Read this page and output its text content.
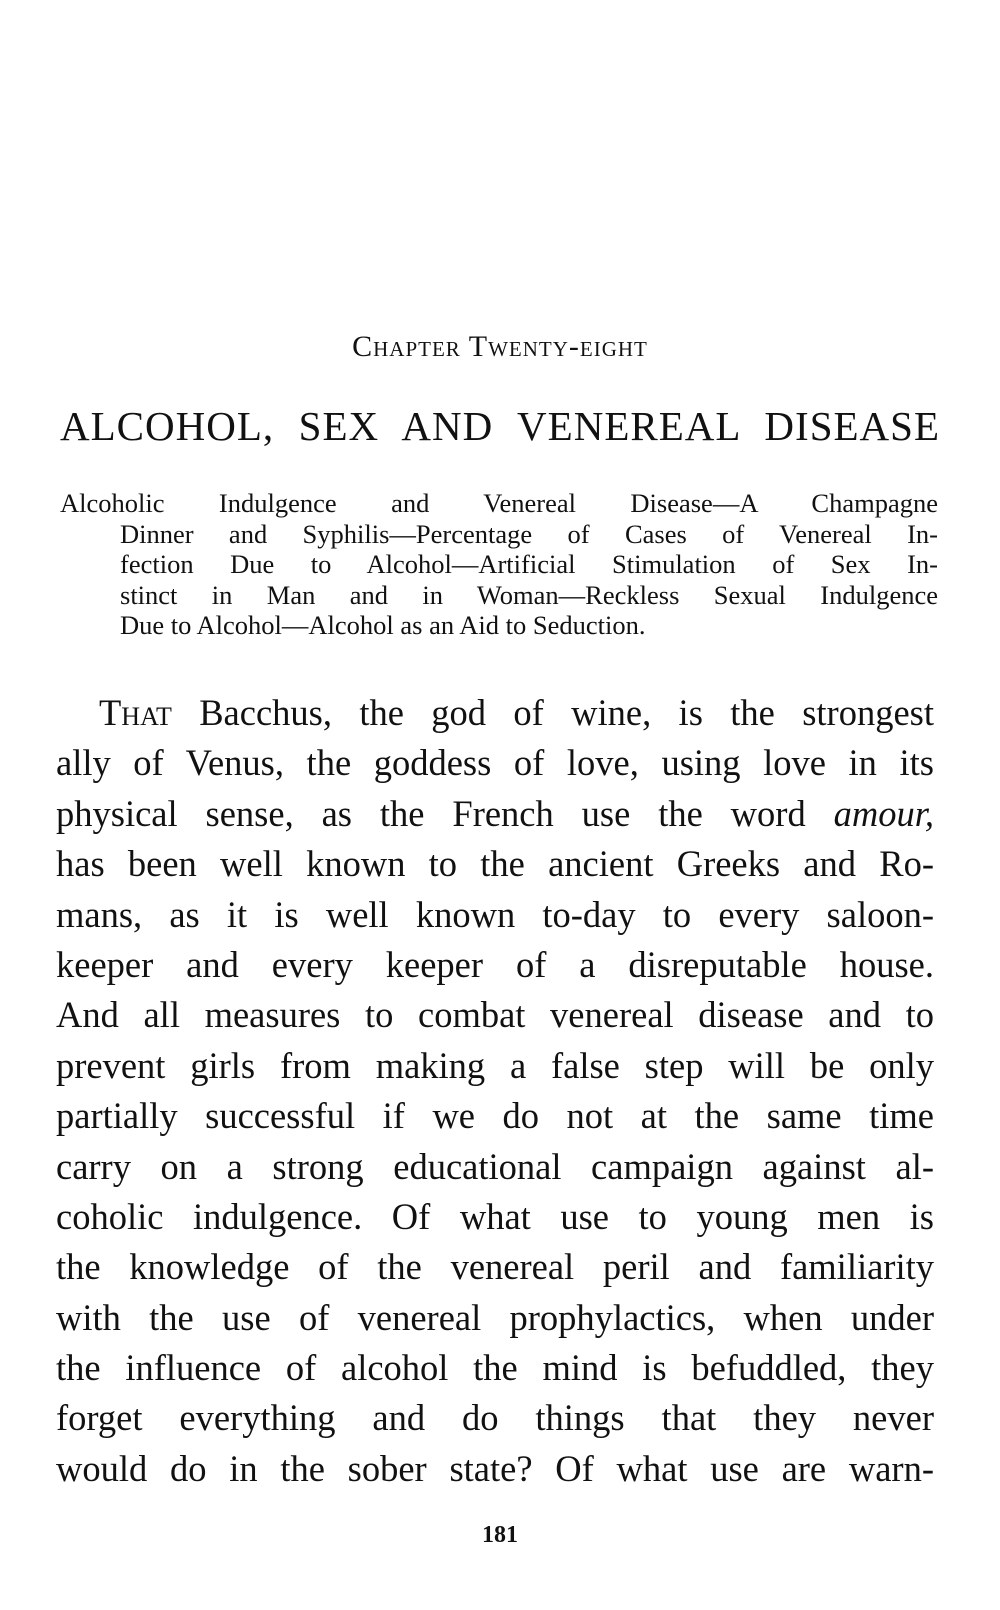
Chapter Twenty-eight
ALCOHOL, SEX AND VENEREAL DISEASE
Alcoholic Indulgence and Venereal Disease—A Champagne
Dinner and Syphilis—Percentage of Cases of Venereal In-
fection Due to Alcohol—Artificial Stimulation of Sex In-
stinct in Man and in Woman—Reckless Sexual Indulgence
Due to Alcohol—Alcohol as an Aid to Seduction.
That Bacchus, the god of wine, is the strongest
ally of Venus, the goddess of love, using love in its
physical sense, as the French use the word amour,
has been well known to the ancient Greeks and Ro-
mans, as it is well known to-day to every saloon-
keeper and every keeper of a disreputable house.
And all measures to combat venereal disease and to
prevent girls from making a false step will be only
partially successful if we do not at the same time
carry on a strong educational campaign against al-
coholic indulgence. Of what use to young men is
the knowledge of the venereal peril and familiarity
with the use of venereal prophylactics, when under
the influence of alcohol the mind is befuddled, they
forget everything and do things that they never
would do in the sober state? Of what use are warn-
181
